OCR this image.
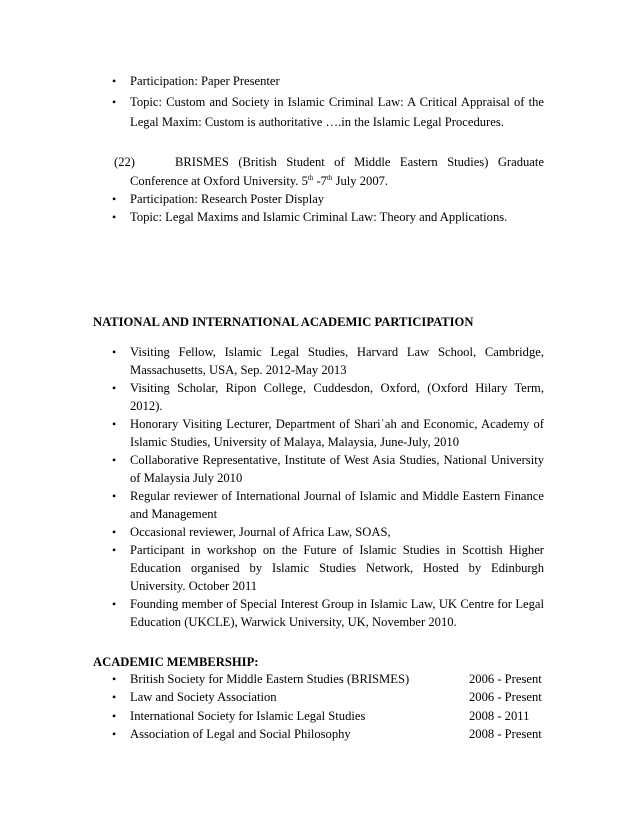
• Participation: Paper Presenter
• Topic: Custom and Society in Islamic Criminal Law: A Critical Appraisal of the
Legal Maxim: Custom is authoritative ….in the Islamic Legal Procedures.
(22)	BRISMES (British Student of Middle Eastern Studies) Graduate
Conference at Oxford University. 5th -7th July 2007.
• Participation: Research Poster Display
• Topic: Legal Maxims and Islamic Criminal Law: Theory and Applications.
NATIONAL AND INTERNATIONAL ACADEMIC PARTICIPATION
• Visiting Fellow, Islamic Legal Studies, Harvard Law School, Cambridge,
Massachusetts, USA, Sep. 2012-May 2013
• Visiting Scholar, Ripon College, Cuddesdon, Oxford, (Oxford Hilary Term,
2012).
• Honorary Visiting Lecturer, Department of Shariʿah and Economic, Academy of
Islamic Studies, University of Malaya, Malaysia, June-July, 2010
• Collaborative Representative, Institute of West Asia Studies, National University
of Malaysia July 2010
• Regular reviewer of International Journal of Islamic and Middle Eastern Finance
and Management
• Occasional reviewer, Journal of Africa Law, SOAS,
• Participant in workshop on the Future of Islamic Studies in Scottish Higher
Education organised by Islamic Studies Network, Hosted by Edinburgh
University. October 2011
• Founding member of Special Interest Group in Islamic Law, UK Centre for Legal
Education (UKCLE), Warwick University, UK, November 2010.
ACADEMIC MEMBERSHIP:
• British Society for Middle Eastern Studies (BRISMES)	2006 - Present
• Law and Society Association	2006 - Present
• International Society for Islamic Legal Studies	2008 - 2011
• Association of Legal and Social Philosophy	2008 - Present
